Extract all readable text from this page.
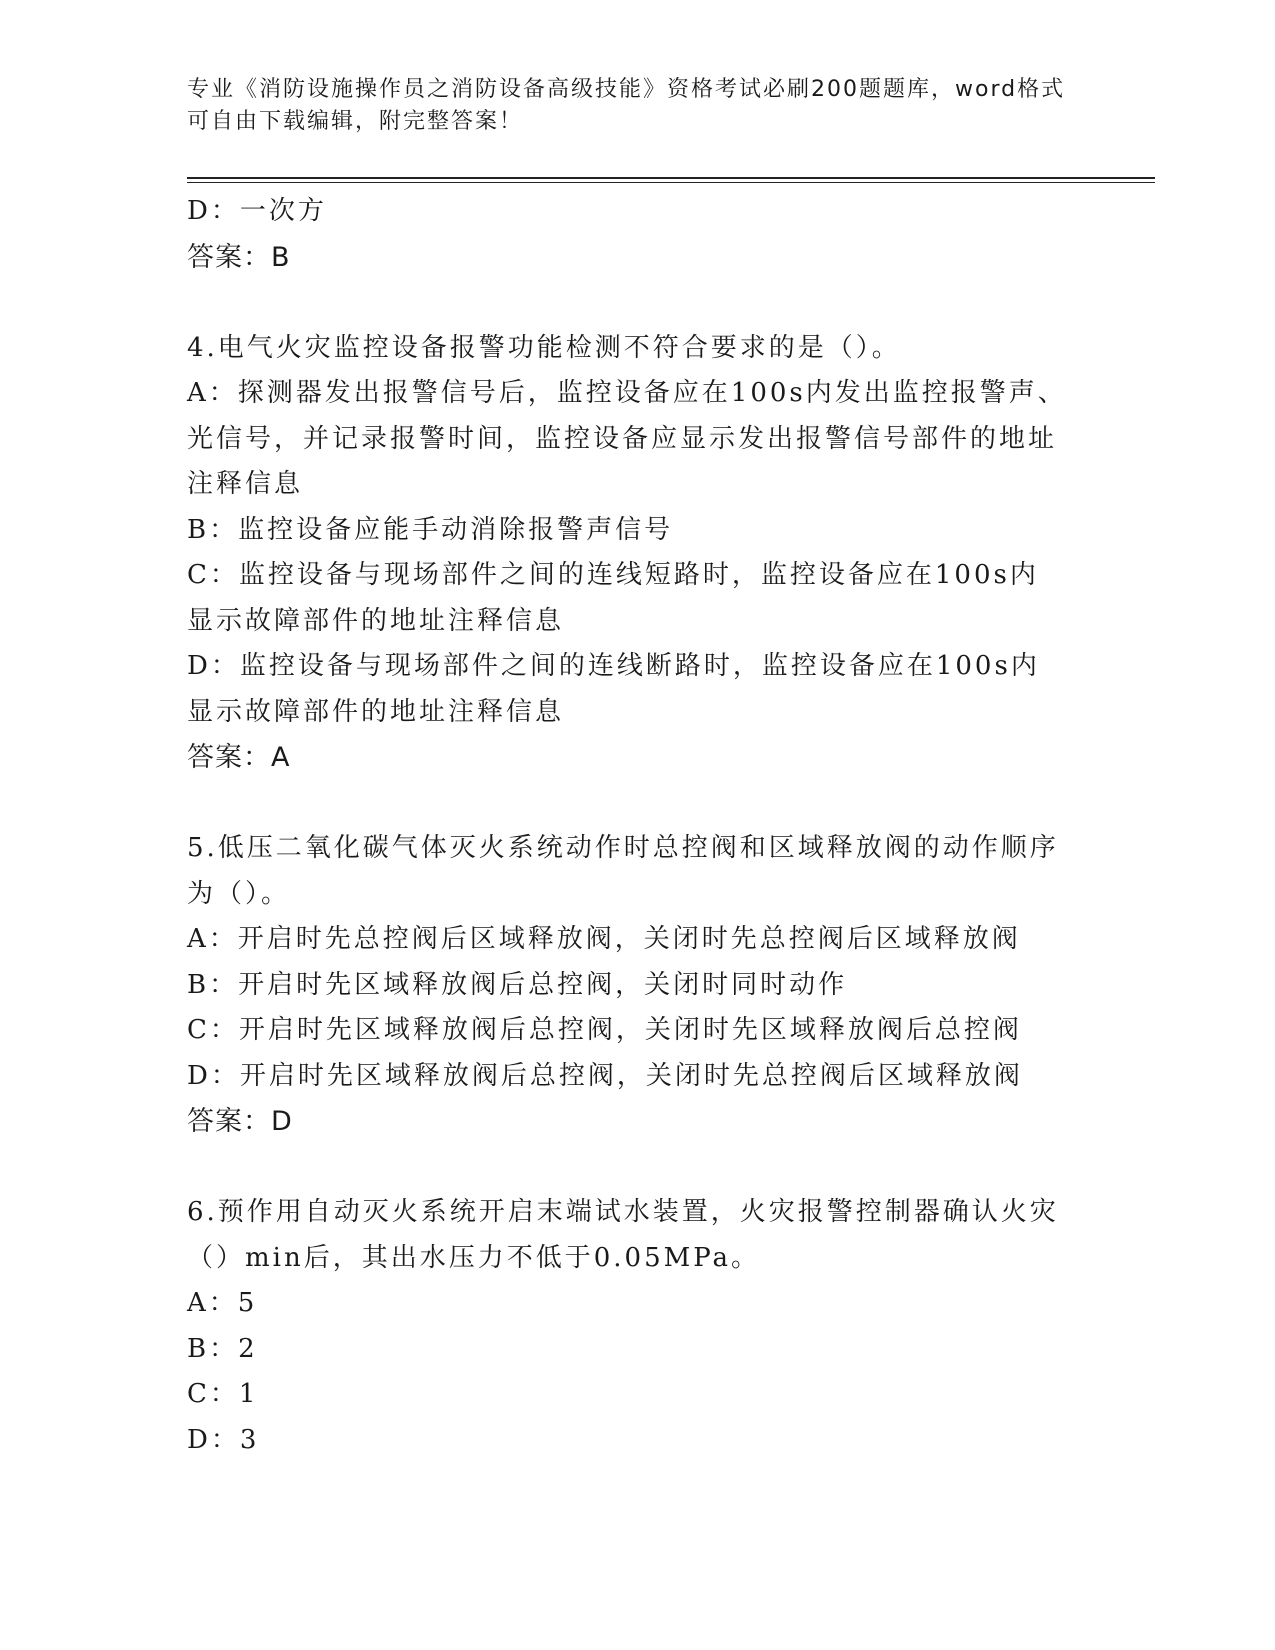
专业《消防设施操作员之消防设备高级技能》资格考试必刷200题题库，word格式可自由下载编辑，附完整答案！
D：一次方
答案：B
4.电气火灾监控设备报警功能检测不符合要求的是（）。
A：探测器发出报警信号后，监控设备应在100s内发出监控报警声、光信号，并记录报警时间，监控设备应显示发出报警信号部件的地址注释信息
B：监控设备应能手动消除报警声信号
C：监控设备与现场部件之间的连线短路时，监控设备应在100s内显示故障部件的地址注释信息
D：监控设备与现场部件之间的连线断路时，监控设备应在100s内显示故障部件的地址注释信息
答案：A
5.低压二氧化碳气体灭火系统动作时总控阀和区域释放阀的动作顺序为（）。
A：开启时先总控阀后区域释放阀，关闭时先总控阀后区域释放阀
B：开启时先区域释放阀后总控阀，关闭时同时动作
C：开启时先区域释放阀后总控阀，关闭时先区域释放阀后总控阀
D：开启时先区域释放阀后总控阀，关闭时先总控阀后区域释放阀
答案：D
6.预作用自动灭火系统开启末端试水装置，火灾报警控制器确认火灾（）min后，其出水压力不低于0.05MPa。
A：5
B：2
C：1
D：3
